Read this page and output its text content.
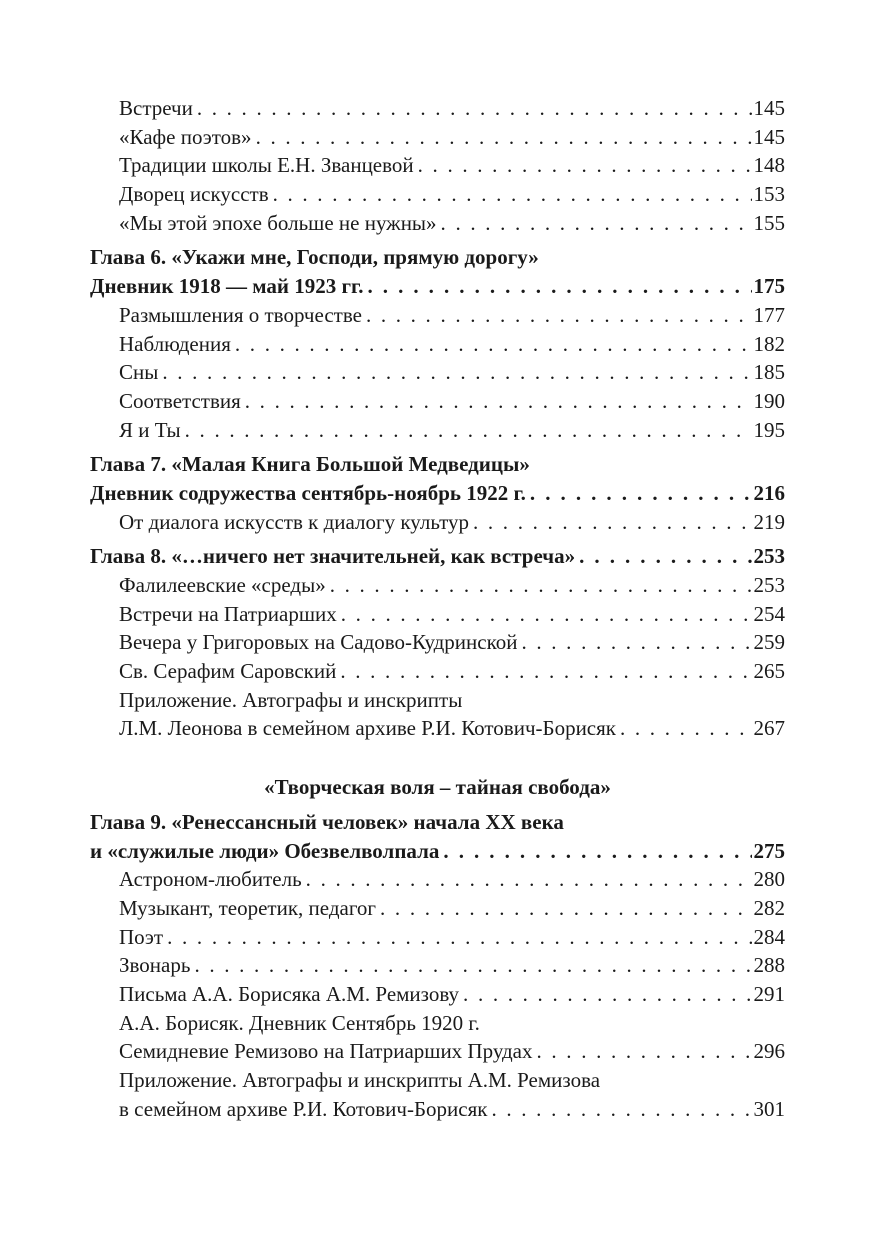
Встречи . . .	145
«Кафе поэтов» . . .	145
Традиции школы Е.Н. Званцевой . . .	148
Дворец искусств . . .	153
«Мы этой эпохе больше не нужны» . . .	155
Глава 6. «Укажи мне, Господи, прямую дорогу»
Дневник 1918 — май 1923 гг. . . .	175
Размышления о творчестве . . .	177
Наблюдения . . .	182
Сны . . .	185
Соответствия . . .	190
Я и Ты . . .	195
Глава 7. «Малая Книга Большой Медведицы»
Дневник содружества сентябрь-ноябрь 1922 г. . . .	216
От диалога искусств к диалогу культур . . .	219
Глава 8. «…ничего нет значительней, как встреча» . . .	253
Фалилеевские «среды» . . .	253
Встречи на Патриарших . . .	254
Вечера у Григоровых на Садово-Кудринской . . .	259
Св. Серафим Саровский . . .	265
Приложение. Автографы и инскрипты
Л.М. Леонова в семейном архиве Р.И. Котович-Борисяк . . .	267
«Творческая воля – тайная свобода»
Глава 9. «Ренессансный человек» начала XX века
и «служилые люди» Обезвелволпала . . .	275
Астроном-любитель . . .	280
Музыкант, теоретик, педагог . . .	282
Поэт . . .	284
Звонарь . . .	288
Письма А.А. Борисяка А.М. Ремизову . . .	291
А.А. Борисяк. Дневник Сентябрь 1920 г.
Семидневие Ремизово на Патриарших Прудах . . .	296
Приложение. Автографы и инскрипты А.М. Ремизова
в семейном архиве Р.И. Котович-Борисяк . . .	301
